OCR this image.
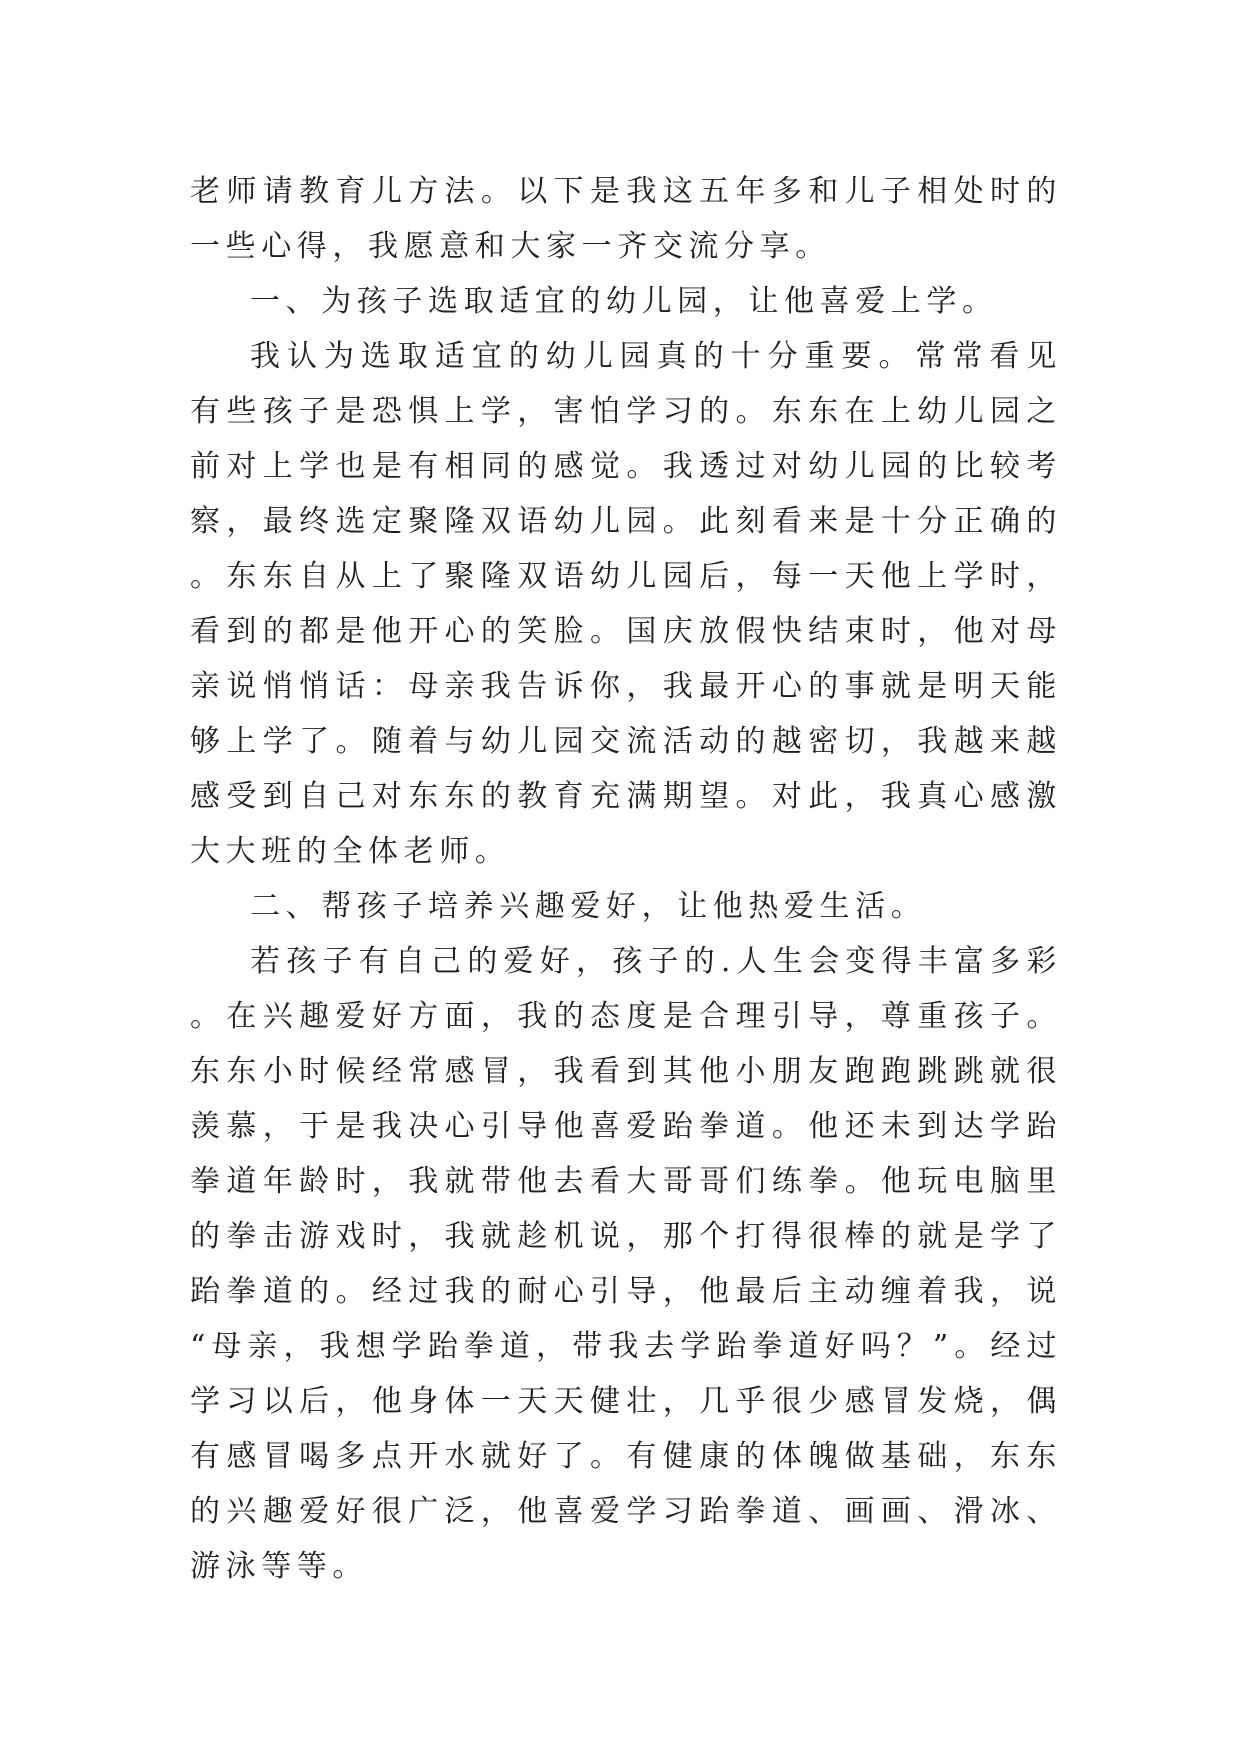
老师请教育儿方法。以下是我这五年多和儿子相处时的一些心得，我愿意和大家一齐交流分享。

一、为孩子选取适宜的幼儿园，让他喜爱上学。

我认为选取适宜的幼儿园真的十分重要。常常看见有些孩子是恐惧上学，害怕学习的。东东在上幼儿园之前对上学也是有相同的感觉。我透过对幼儿园的比较考察，最终选定聚隆双语幼儿园。此刻看来是十分正确的。东东自从上了聚隆双语幼儿园后，每一天他上学时，看到的都是他开心的笑脸。国庆放假快结束时，他对母亲说悄悄话：母亲我告诉你，我最开心的事就是明天能够上学了。随着与幼儿园交流活动的越密切，我越来越感受到自己对东东的教育充满期望。对此，我真心感激大大班的全体老师。

二、帮孩子培养兴趣爱好，让他热爱生活。

若孩子有自己的爱好，孩子的.人生会变得丰富多彩。在兴趣爱好方面，我的态度是合理引导，尊重孩子。东东小时候经常感冒，我看到其他小朋友跑跑跳跳就很羡慕，于是我决心引导他喜爱跆拳道。他还未到达学跆拳道年龄时，我就带他去看大哥哥们练拳。他玩电脑里的拳击游戏时，我就趁机说，那个打得很棒的就是学了跆拳道的。经过我的耐心引导，他最后主动缠着我，说“母亲，我想学跆拳道，带我去学跆拳道好吗？”。经过学习以后，他身体一天天健壮，几乎很少感冒发烧，偶有感冒喝多点开水就好了。有健康的体魄做基础，东东的兴趣爱好很广泛，他喜爱学习跆拳道、画画、滑冰、游泳等等。
